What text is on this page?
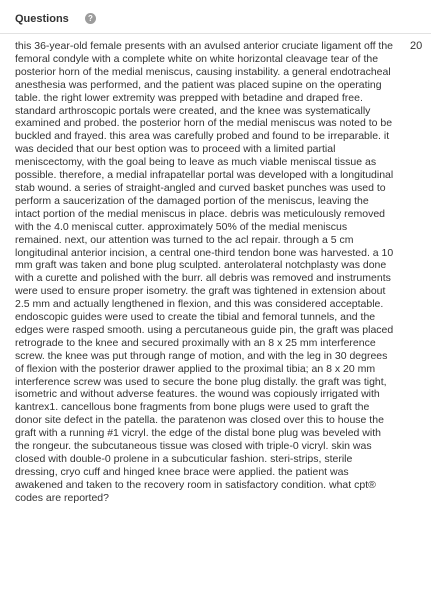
Questions	?

this 36-year-old female presents with an avulsed anterior cruciate ligament off the femoral condyle with a complete white on white horizontal cleavage tear of the posterior horn of the medial meniscus, causing instability. a general endotracheal anesthesia was performed, and the patient was placed supine on the operating table. the right lower extremity was prepped with betadine and draped free. standard arthroscopic portals were created, and the knee was systematically examined and probed. the posterior horn of the medial meniscus was noted to be buckled and frayed. this area was carefully probed and found to be irreparable. it was decided that our best option was to proceed with a limited partial meniscectomy, with the goal being to leave as much viable meniscal tissue as possible. therefore, a medial infrapatellar portal was developed with a longitudinal stab wound. a series of straight-angled and curved basket punches was used to perform a saucerization of the damaged portion of the meniscus, leaving the intact portion of the medial meniscus in place. debris was meticulously removed with the 4.0 meniscal cutter. approximately 50% of the medial meniscus remained. next, our attention was turned to the acl repair. through a 5 cm longitudinal anterior incision, a central one-third tendon bone was harvested. a 10 mm graft was taken and bone plug sculpted. anterolateral notchplasty was done with a curette and polished with the burr. all debris was removed and instruments were used to ensure proper isometry. the graft was tightened in extension about 2.5 mm and actually lengthened in flexion, and this was considered acceptable. endoscopic guides were used to create the tibial and femoral tunnels, and the edges were rasped smooth. using a percutaneous guide pin, the graft was placed retrograde to the knee and secured proximally with an 8 x 25 mm interference screw. the knee was put through range of motion, and with the leg in 30 degrees of flexion with the posterior drawer applied to the proximal tibia; an 8 x 20 mm interference screw was used to secure the bone plug distally. the graft was tight, isometric and without adverse features. the wound was copiously irrigated with kantrex1. cancellous bone fragments from bone plugs were used to graft the donor site defect in the patella. the paratenon was closed over this to house the graft with a running #1 vicryl. the edge of the distal bone plug was beveled with the rongeur. the subcutaneous tissue was closed with triple-0 vicryl. skin was closed with double-0 prolene in a subcuticular fashion. steri-strips, sterile dressing, cryo cuff and hinged knee brace were applied. the patient was awakened and taken to the recovery room in satisfactory condition. what cpt® codes are reported?

20
